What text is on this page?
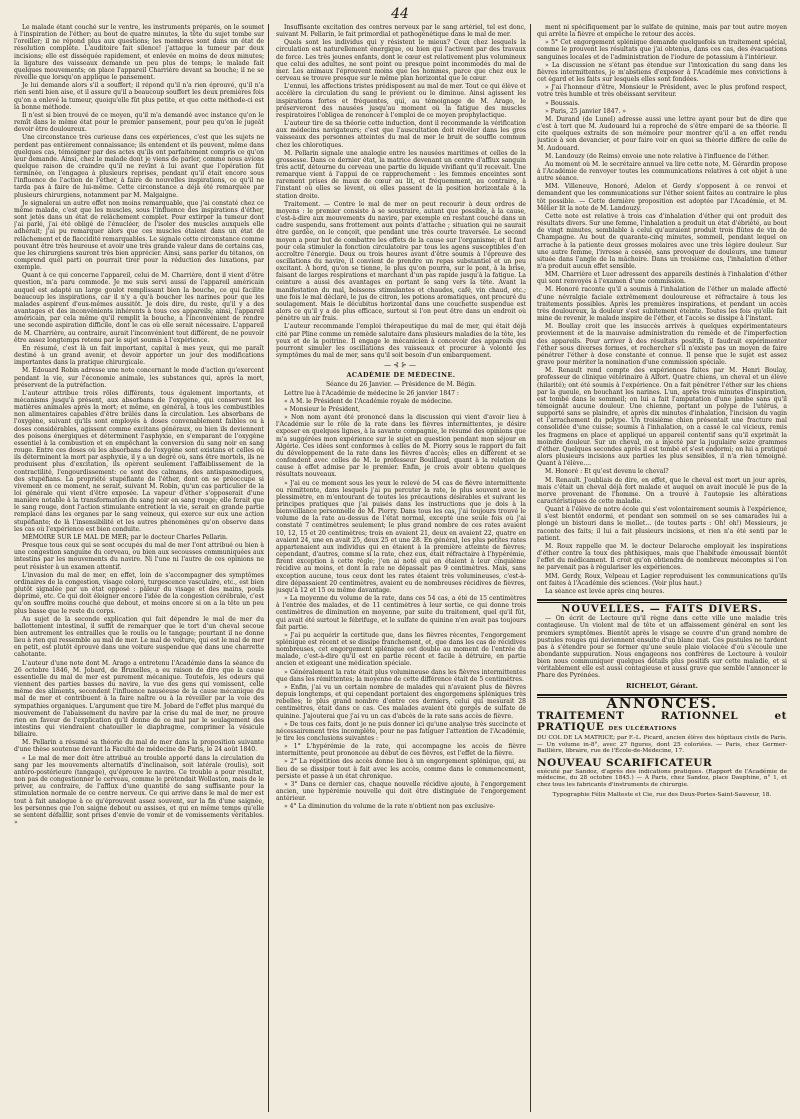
44

Le malade étant couché sur le ventre, les instruments préparés, on le soumet à l'inspiration de l'éther; au bout de quatre minutes, la tête du sujet tombe sur l'oreiller; il ne répond plus aux questions; les membres sont dans un état de résolution complète. L'auditoire fait silence! j'attaque la tumeur par deux incisions; elle est disséquée rapidement, et enlevée en moins de deux minutes; la ligature des vaisseaux demande un peu plus de temps; le malade fait quelques mouvements; on place l'appareil Charrière devant sa bouche; il ne se réveille que lorsqu'on applique le pansement.

Je lui demande alors s'il a souffert; il répond qu'il n'a rien éprouvé, qu'il n'a rien senti bien aise, et il assure qu'il a beaucoup souffert les deux premières fois qu'on a enlevé la tumeur, quoiqu'elle fût plus petite, et que cette méthode-ci est la bonne méthode.

Il n'est si bien trouvé de ce moyen, qu'il m'a demandé avec instance qu'on le remît dans le même état pour le premier pansement, pour peu qu'on le jugeât devoir être douloureux.

Une circonstance très curieuse dans ces expériences, c'est que les sujets ne perdent pas entièrement connaissance; ils entendent et ils peuvent, même dans quelques cas, témoigner par des actes qu'ils ont parfaitement compris ce qu'on leur demande. Ainsi, chez le malade dont je viens de parler, comme nous avions quelque raison de craindre qu'il ne revînt à lui avant que l'opération fût terminée, on l'engagea à plusieurs reprises, pendant qu'il était encore sous l'influence de l'action de l'éther, à faire de nouvelles inspirations, ce qu'il ne tarda pas à faire de lui-même. Cette circonstance a déjà été remarquée par plusieurs chirurgiens, notamment par M. Malgaigne.

Je signalerai un autre effet non moins remarquable, que j'ai constaté chez ce même malade, c'est que les muscles, sous l'influence des inspirations d'éther, sont jetés dans un état de relâchement complet. Pour extirper la tumeur dont j'ai parlé, j'ai été obligé de l'énucléer, de l'isoler des muscles auxquels elle adhérait; j'ai pu remarquer alors que ces muscles étaient dans un état de relâchement et de flaccidité remarquables. Le signale cette circonstance comme pouvant être très heureuse et avoir une très grande valeur dans de certains cas, que les chirurgiens sauront très bien apprécier. Ainsi, sans parler du tétanos, on comprend quel parti on pourrait tirer pour la réduction des luxations, par exemple.

Quant à ce qui concerne l'appareil, celui de M. Charrière, dont il vient d'être question, m'a paru commode. Je me suis servi aussi de l'appareil américain auquel est adapté un large goulot remplissant bien la bouche, ce qui facilite beaucoup les inspirations, car il n'y a qu'à boucher les narines pour que les malades aspirent d'eux-mêmes aussitôt. Je dois dire, du reste, qu'il y a des avantages et des inconvénients inhérents à tous ces appareils; ainsi, l'appareil américain, par cela même qu'il remplit la bouche, a l'inconvénient de rendre une seconde aspiration difficile, dont le cas où elle serait nécessaire. L'appareil de M. Charrière, au contraire, aurait l'inconvénient tout différent, de ne pouvoir être assez longtemps retenu par le sujet soumis à l'expérience.

En résumé, c'est là un fait important, capital à mes yeux, qui me paraît destiné à un grand avenir, et devoir apporter un jour des modifications importantes dans la pratique chirurgicale.

M. Edouard Robin adresse une note concernant le mode d'action qu'exercent pendant la vie, sur l'économie animale, les substances qui, après la mort, préservent de la putréfaction.

L'auteur attribue trois rôles différents, tous également importants, et mécanisms jusqu'à présent, aux absorbans de l'oxygène, qui conservent les matières animales après la mort; et même, en général, à tous les combustibles non alimentaires capables d'être brûlés dans la circulation. Les absorbans de l'oxygène, suivant qu'ils sont employés à doses convenablement faibles ou à doses considérables, agissent comme excitans généraux, ou bien ils deviennent des poisons énergiques et déterminent l'asphyxie, en s'emparant de l'oxygène essentiel à la combustion et en empêchant la conversion du sang noir en sang rouge. Entre ces doses où les absorbans de l'oxygène sont existans et celles où ils déterminent la mort par asphyxie, il y a un degré où, sans être mortels, ils ne produisent plus d'excitation, ils opèrent seulement l'affaiblissement de la contractilité, l'engourdissement: ce sont des calmans, des antispasmodiques, des stupéfians. La propriété stupéfiante de l'éther, dont on se préoccupe si vivement en ce moment, ne serait, suivant M. Robin, qu'un cas particulier de la loi générale qui vient d'être exposée. La vapeur d'éther s'opposerait d'une manière notable à la transformation du sang noir en sang rouge; elle ferait que le sang rouge, dont l'action stimulante entretient la vie, serait en grande partie remplacé dans les organes par le sang veineux, qui exerce sur eux une action stupéfiante; de là l'insensibilité et les autres phénomènes qu'on observe dans les cas où l'expérience est bien conduite.

MÉMOIRE SUR LE MAL DE MER; par le docteur Charles Pellarin.

Presque tous ceux qui se sont occupés du mal de mer l'ont attribué ou bien à une congestion sanguine du cerveau, ou bien aux secousses communiquées aux intestins par les mouvements du navire. Ni l'une ni l'autre de ces opinions ne peut résister à un examen attentif.

L'invasion du mal de mer, en effet, loin de s'accompagner des symptômes ordinaires de la congestion, visage coloré, turgescence vasculaire, etc., est bien plutôt signalée par un état opposé : pâleur du visage et des mains, pouls déprimé, etc. Ce qui doit éloigner encore l'idée de la congestion cérébrale, c'est qu'on souffre moins couché que debout, et moins encore si on a la tête un peu plus basse que le reste du corps.

Au sujet de la seconde explication qui fait dépendre le mal de mer du ballottement intestinal, il suffit de remarquer que le tort d'un cheval secoue bien autrement les entrailles que le roulis ou le tangage; pourtant il ne donne lieu à rien qui ressemble au mal de mer. Le mal de voiture, qui est le mal de mer en petit, est plutôt éprouvé dans une voiture suspendue que dans une charrette cahotante.

L'auteur d'une note dont M. Arago a entretenu l'Académie dans la séance du 26 octobre 1846, M. Jobard, de Bruxelles, a eu raison de dire que la cause essentielle du mal de mer est purement mécanique. Toutefois, les odeurs qui viennent des parties basses du navire, la vue des gens qui vomissent, celle même des aliments, secondent l'influence nauséeuse de la cause mécanique du mal de mer et contribuent à la faire naître ou à la réveiller par la voie des sympathies organiques. L'argument que tire M. Jobard de l'effet plus marqué du mouvement de l'abaissement du navire par la crise du mal de mer, ne prouve rien en faveur de l'explication qu'il donne de ce mal par le soulagement des intestins qui viendraient chatouiller le diaphragme, comprimer la vésicule biliaire.

M. Pellarin a résumé sa théorie du mal de mer dans la proposition suivante d'une thèse soutenue devant la Faculté de médecine de Paris, le 24 août 1840.

« Le mal de mer doit être attribué au trouble apporté dans la circulation du sang par les mouvements alternatifs d'inclinaison, soit latérale (roulis), soit antéro-postérieure (tangage), qu'éprouve le navire. Ce trouble a pour résultat, non pas de congestionner le cerveau, comme le prétendait Wollaston, mais de le priver, au contraire, de l'afflux d'une quantité de sang suffisante pour la stimulation normale de ce centre nerveux. Ce qui arrive dans le mal de mer est tout à fait analogue à ce qu'éprouvent assez souvent, sur la fin d'une saignée, les personnes que l'on saigne debout ou assises, et qui en même temps qu'elle se sentent défaillir, sont prises d'envie de vomir et de vomissements véritables. »

Insuffisante excitation des centres nerveux par le sang artériel, tel est donc, suivant M. Pellarin, le fait primordial et pathogénétique dans le mal de mer.

Quels sont les individus qui y résistent le mieux? Ceux chez lesquels la circulation est naturellement énergique, ou bien qui l'activent par des travaux de force. Les très jeunes enfants, dont le cœur est relativement plus volumineux que celui des adultes, ne sont point ou presque point incommodés du mal de mer. Les animaux l'éprouvent moins que les hommes, parce que chez eux le cerveau se trouve presque sur le même plan horizontal que le cœur.

L'ennui, les affections tristes prédisposent au mal de mer. Tout ce qui élève et accélère la circulation du sang le prévient ou le diminue. Ainsi agissent les inspirations fortes et fréquentes, qui, au témoignage de M. Arago, le préserveront des nausées jusqu'au moment où la fatigue des muscles respiratoires l'obligea de renoncer à l'emploi de ce moyen prophylactique.

L'auteur tire de sa théorie cette induction, dont il recommande la vérification aux médecins navigateurs; c'est que l'auscultation doit révéler dans les gros vaisseaux des personnes atteintes du mal de mer le bruit de souffle commun chez les chlorotiques.

M. Pellarin signale une analogie entre les nausées maritimes et celles de la grossesse. Dans ce dernier état, la matrice devenant un centre d'afflux sanguin très actif, détourne du cerveau une partie du liquide vivifiant qu'il recevait. Une remarque vient à l'appui de ce rapprochement : les femmes enceintes sont rarement prises de maux de cœur au lit, et fréquemment, au contraire, à l'instant où elles se lèvent, où elles passent de la position horizontale à la station droite.

Traitement. — Contre le mal de mer on peut recourir à deux ordres de moyens : le premier consiste à se soustraire, autant que possible, à la cause, c'est-à-dire aux mouvements du navire, par exemple en restant couché dans un cadre suspendu, sans frottement aux points d'attache ; situation qui ne saurait être gardée, on le conçoit, que pendant une très courte traversée. Le second moyen a pour but de combattre les effets de la cause sur l'organisme; et il faut pour cela stimuler la fonction circulatoire par tous les agens susceptibles d'en accroître l'énergie. Deux ou trois heures avant d'être soumis à l'épreuve des oscillations du navire, il convient de prendre un repas substantiel et un peu excitant. À bord, qu'on se tienne, le plus qu'on pourra, sur le pont, à la brise, faisant de larges respirations et marchant d'un pas rapide jusqu'à la fatigue. La ceinture a aussi des avantages en portant le sang vers la tête. Avant la manifestation du mal, boissons stimulantes et chaudes, café, vin chaud, etc.; une fois le mal déclaré, le jus de citron, les potions aromatiques, ont procuré du soulagement. Mais le décubitus horizontal dans une couchette suspendue est alors ce qu'il y a de plus efficace, surtout si l'on peut être dans un endroit où pénètre un air frais.

L'auteur recommande l'emploi thérapeutique du mal de mer, qui était déjà cité par Pline comme un remède salutaire dans plusieurs maladies de la tête, les yeux et de la poitrine. Il engage le mécanicien à concevoir des appareils qui pourront simuler les oscillations des vaisseaux et procurer à volonté les symptômes du mal de mer, sans qu'il soit besoin d'un embarquement.

—⊰⊱—
ACADÉMIE DE MÉDECINE.
Séance du 26 Janvier. — Présidence de M. Bégin.

Lettre lue à l'Académie de médecine le 26 janvier 1847 :

« A M. le Président de l'Académie royale de médecine.

« Monsieur le Président,

» Non nom ayant été prononcé dans la discussion qui vient d'avoir lieu à l'Académie sur le rôle de la rate dans les fièvres intermittentes, je désire exposer en quelques lignes, à la savante compagnie, le résumé des opinions que m'a suggérées mon expérience sur le sujet en question pendant mon séjour en Algérie. Ces idées sont conformes à celles de M. Piorry sous le rapport du fait du développement de la rate dans les fièvres d'accès; elles en diffèrent et se confondent avec celles de M. le professeur Bouillaud, quant à la relation de cause à effet admise par le premier. Enfin, je crois avoir obtenu quelques résultats nouveaux.

» J'ai eu ce moment sous les yeux le relevé de 54 cas de fièvre intermittente ou rémittente, dans lesquels j'ai pu percuter la rate, le plus souvent avec le plessimètre, en m'entourant de toutes les précautions désirables et suivant les principes pratiques que j'ai puisés dans les instructions que je dois à la bienveillance personnelle de M. Piorry. Dans tous les cas, j'ai toujours trouvé le volume de la rate au-dessus de l'état normal, excepté une seule fois où j'ai constaté 7 centimètres seulement; le plus grand nombre de ces rates avaient 10, 12, 15 et 20 centimètres; trois en avaient 21, deux en avaient 22, quatre en avaient 24, une en avait 25, deux 25 et une 28. En général, les plus petites rates appartenaient aux individus qui en étaient à la première atteinte de fièvres; cependant, d'autres, comme si la rate, chez eux, était réfractaire à l'hypérémie, firent exception à cette règle; j'en ai noté qui en étaient à leur cinquième récidive au moins, et dont la rate ne dépassait pas 9 centimètres. Mais, sans exception aucune, tous ceux dont les rates étaient très volumineuses, c'est-à-dire dépassaient 20 centimètres, avaient eu de nombreuses récidives de fièvres, jusqu'à 12 et 15 ou même davantage.

» La moyenne du volume de la rate, dans ces 54 cas, a été de 15 centimètres à l'entrée des malades, et de 11 centimètres à leur sortie, ce qui donne trois centimètres de diminution en moyenne, par suite du traitement, quel qu'il fût, qui avait été surtout le fébrifuge, et le sulfate de quinine n'en avait pas toujours fait partie.

» J'ai pu acquérir la certitude que, dans les fièvres récentes, l'engorgement splénique est récent et se dissipe franchement, et, que dans les cas de récidives nombreuses, cet engorgement splénique est double au moment de l'entrée du malade, c'est-à-dire qu'il est en partie récent et facile à détruire, en partie ancien et exigeant une médication spéciale.

» Généralement la rate était plus volumineuse dans les fièvres intermittentes que dans les rémittentes; la moyenne de cette différence était de 5 centimètres.

» Enfin, j'ai vu un certain nombre de malades qui n'avaient plus de fièvres depuis longtemps, et qui cependant portaient des engorgemens spléniques très rebelles; le plus grand nombre d'entre ces derniers, celui qui mesurait 28 centimètres, était dans ce cas. Ces malades avaient été gorgés de sulfate de quinine. J'ajouterai que j'ai vu un cas d'abcès de la rate sans accès de fièvre.

» De tous ces faits, dont je ne puis donner ici qu'une analyse très succincte et nécessairement très incomplète, pour ne pas fatiguer l'attention de l'Académie, je tire les conclusions suivantes :

» 1° L'hypérémie de la rate, qui accompagne les accès de fièvre intermittente, peut prononcée au début de ces fièvres, est l'effet de la fièvre.

» 2° La répétition des accès donne lieu à un engorgement splénique, qui, au lieu de se dissiper tout à fait avec les accès, comme dans le commencement, persiste et passe à un état chronique.

» 3° Dans ce dernier cas, chaque nouvelle récidive ajoute, à l'engorgement ancien, une hypérémie nouvelle qui doit être distinguée de l'engorgement antérieur.

» 4° La diminution du volume de la rate n'obtient non pas exclusive-

ment ni spécifiquement par le sulfate de quinine, mais par tout autre moyen qui arrête la fièvre et empêche le retour des accès.

» 5° Cet engorgement splénique demande quelquefois un traitement spécial, comme le prouvent les résultats que j'ai obtenus, dans ces cas, des évacuations sanguines locales et de l'administration de l'iodure de potassium à l'intérieur.

» La discussion ne s'étant pas étendue sur l'intoxication du sang dans les fièvres intermittentes, je m'abstiens d'exposer à l'Académie mes convictions à cet égard et les faits sur lesquels elles sont fondées.

» J'ai l'honneur d'être, Monsieur le Président, avec le plus profond respect, votre très humble et très obéissant serviteur.

» Boussais.

» Paris, 25 janvier 1847. »

M. Durand (de Lunel) adresse aussi une lettre ayant pour but de dire que c'est à tort que M. Audouard lui a reproché de s'être emparé de sa théorie. Il cite quelques extraits de son mémoire pour montrer qu'il a en effet rendu justice à son devancier, et pour faire voir en quoi sa théorie diffère de celle de M. Audouard.

M. Landouzy (de Reims) envoie une note relative à l'influence de l'éther.

Au moment où M. le secrétaire annuel va lire cette note, M. Gérardin propose à l'Académie de renvoyer toutes les communications relatives à cet objet à une autre séance.

MM. Villeneuve, Honoré, Adelon et Gerdy s'opposent à ce renvoi et demandent que les communications sur l'éther soient faites au contraire le plus tôt possible. — Cette dernière proposition est adoptée par l'Académie, et M. Mêlier lit la note de M. Landouzy.

Cette note est relative à trois cas d'inhalation d'éther qui ont produit des résultats divers. Sur une femme, l'inhalation a produit un état d'ébriété, au bout de vingt minutes, semblable à celui qu'auraient produit trois flûtes de vin de Champagne. Au bout de quarante-cinq minutes, sommeil, pendant lequel on arrache à la patiente deux grosses molaires avec une très légère douleur. Sur une autre femme, l'ivresse a cesséé, sans provoquer de douleurs, une tumeur située dans l'angle de la mâchoire. Dans un troisième cas, l'inhalation d'éther n'a produit aucun effet sensible.

MM. Charrière et Luer adressent des appareils destinés à l'inhalation d'éther qui sont renvoyés à l'examen d'une commission.

M. Honoré raconte qu'il a soumis à l'inhalation de l'éther un malade affecté d'une névralgie faciale extrêmement douloureuse et réfractaire à tous les traitements possibles. Après les premières inspirations, et pendant un accès très douloureux, la douleur s'est subitement éteinte. Toutes les fois qu'elle fait mine de revenir, le malade inspire de l'éther, et l'accès se dissipe à l'instant.

M. Boullay croit que les insuccès arrivés à quelques expérimentateurs proviennent et de la mauvaise administration du remède et de l'imperfection des appareils. Pour arriver à des résultats positifs, il faudrait expérimenter l'éther sous diverses formes, et rechercher s'il n'existe pas un moyen de faire pénétrer l'éther à dose constante et connue. Il pense que le sujet est assez grave pour mériter la nomination d'une commission spéciale.

M. Renault rend compte des expériences faites par M. Henri Boulay, professeur de clinique vétérinaire à Alfort. Quatre chiens, un cheval et un élève (hilarité); ont été soumis à l'expérience. On a fait pénétrer l'éther sur les chiens par la gueule, en bouchant les narines. L'un, après trois minutes d'inspiration, est tombé dans le sommeil; on lui a fait l'amputation d'une jambe sans qu'il témoignât aucune douleur. Une chienne, portant un polype de l'utérus, a supporté sans se plaindre, et après dix minutes d'inhalation, l'incision du vagin et l'arrachement du polype. Un troisième chien présentait une fracture mal consolidée d'une cuisse; soumis à l'inhalation, on a cassé le cal vicieux, remis les fragmens en place et appliqué un appareil contentif sans qu'il exprimât la moindre douleur. Sur un cheval, on a injecté par la jugulaire seize grammes d'éther. Quelques secondes après il est tombé et s'est endormi; on lui a pratiqué alors plusieurs incisions aux parties les plus sensibles, il n'a rien témoigné. Quant à l'élève....

M. Honoré : Et qu'est devenu le cheval?

M. Renault. J'oubliais de dire, en effet, que le cheval est mort un jour après, mais c'était un cheval déjà fort malade et auquel on avait inoculé le pus de la morve provenant de l'homme. On a trouvé à l'autopsie les altérations caractéristiques de cette maladie.

Quant à l'élève de notre école qui s'est volontairement soumis à l'expérience, il s'est bientôt endormi, et pendant son sommeil on se ses camarades lui a plongé un bistouri dans le mollet... (de toutes parts : Oh! oh!) Messieurs, je raconte des faits; il lui a fait plusieurs incisions, et rien n'a été senti par le patient.

M. Roux rappelle que M. le docteur Delaroche employait les inspirations d'éther contre la toux des phthisiques, mais que l'habitude émoussait bientôt l'effet du médicament. Il croit qu'on obtiendra de nombreux mécomptes si l'on ne parvenait pas à régulariser les expériences.

MM. Gerdy, Roux, Velpeau et Lagier reproduisent les communications qu'ils ont faites à l'Académie des sciences. (Voir plus haut.)

La séance est levée après cinq heures.

NOUVELLES. — FAITS DIVERS.

— On écrit de Lectoure qu'il règne dans cette ville une maladie très contagieuse. Un violent mal de tête et un affaissement général en sont les premiers symptômes. Bientôt après le visage se couvre d'un grand nombre de pustules rouges qui deviennent ensuite d'un blanc mat. Ces pustules ne tardent pas à s'étendre pour se former qu'une seule plaie violacée d'où s'écoule une abondante suppuration. Nous engageons nos confrères de Lectoure à vouloir bien nous communiquer quelques détails plus positifs sur cette maladie, et si véritablement elle est aussi contagieuse et aussi grave que semble l'annoncer le Phare des Pyrénées.

RICHELOT, Gérant.
ANNONCES.
TRAITEMENT RATIONNEL et PRATIQUE DES ULCÉRATIONS
DU COL DE LA MATRICE; par F.-L. Picard, ancien élève des hôpitaux civils de Paris. — Un volume in-8°, avec 27 figures, dont 25 coloriées. — Paris, chez Germer-Baillière, libraire, rue de l'École-de-Médecine, 17.
NOUVEAU SCARIFICATEUR
exécuté par Sandoz, d'après des indications pratiques. (Rapport de l'Académie de médecine, du 28 octobre 1845.) — À Paris, chez Sandoz, place Dauphine, n° 1, et chez tous les fabricants d'instruments de chirurgie.
Typographie Félix Malteste et Cie, rue des Deux-Portes-Saint-Sauveur, 18.
